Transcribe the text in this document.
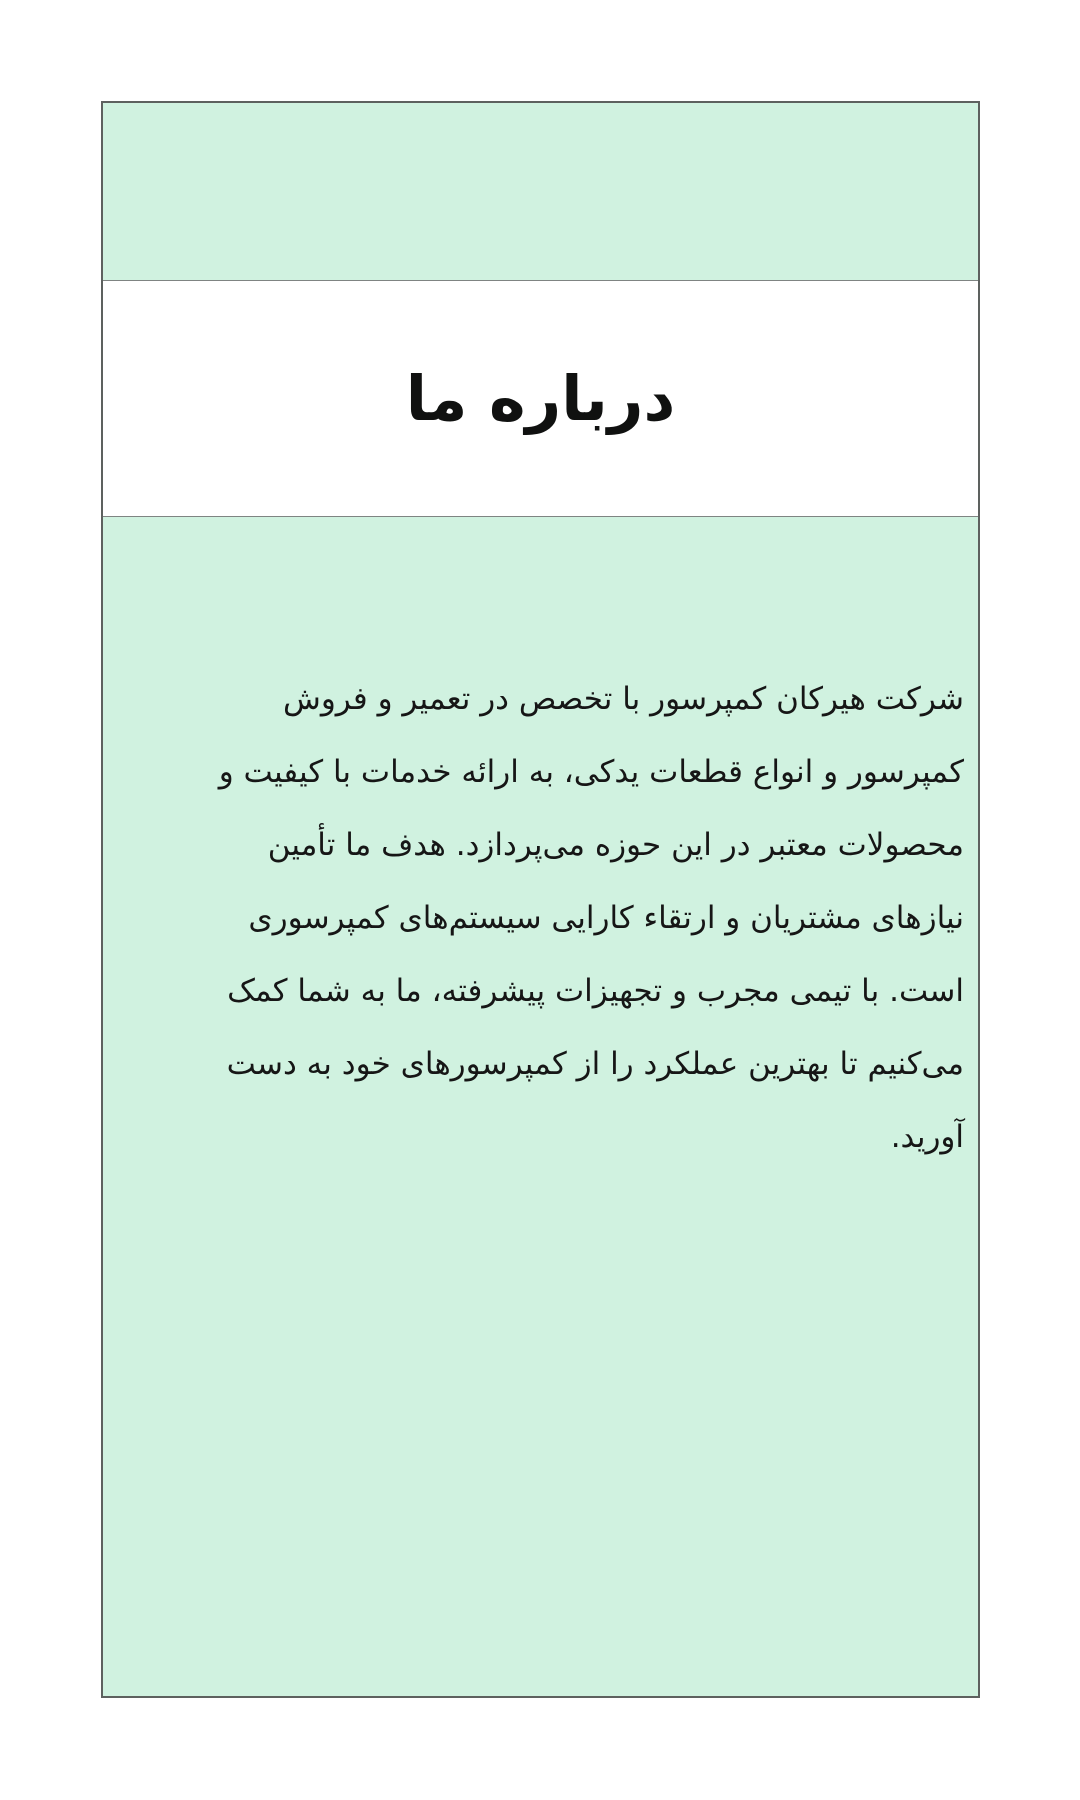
درباره ما
شرکت هیرکان کمپرسور با تخصص در تعمیر و فروش
کمپرسور و انواع قطعات یدکی، به ارائه خدمات با کیفیت و
محصولات معتبر در این حوزه می‌پردازد. هدف ما تأمین
نیازهای مشتریان و ارتقاء کارایی سیستم‌های کمپرسوری
است. با تیمی مجرب و تجهیزات پیشرفته، ما به شما کمک
می‌کنیم تا بهترین عملکرد را از کمپرسورهای خود به دست
آورید.
